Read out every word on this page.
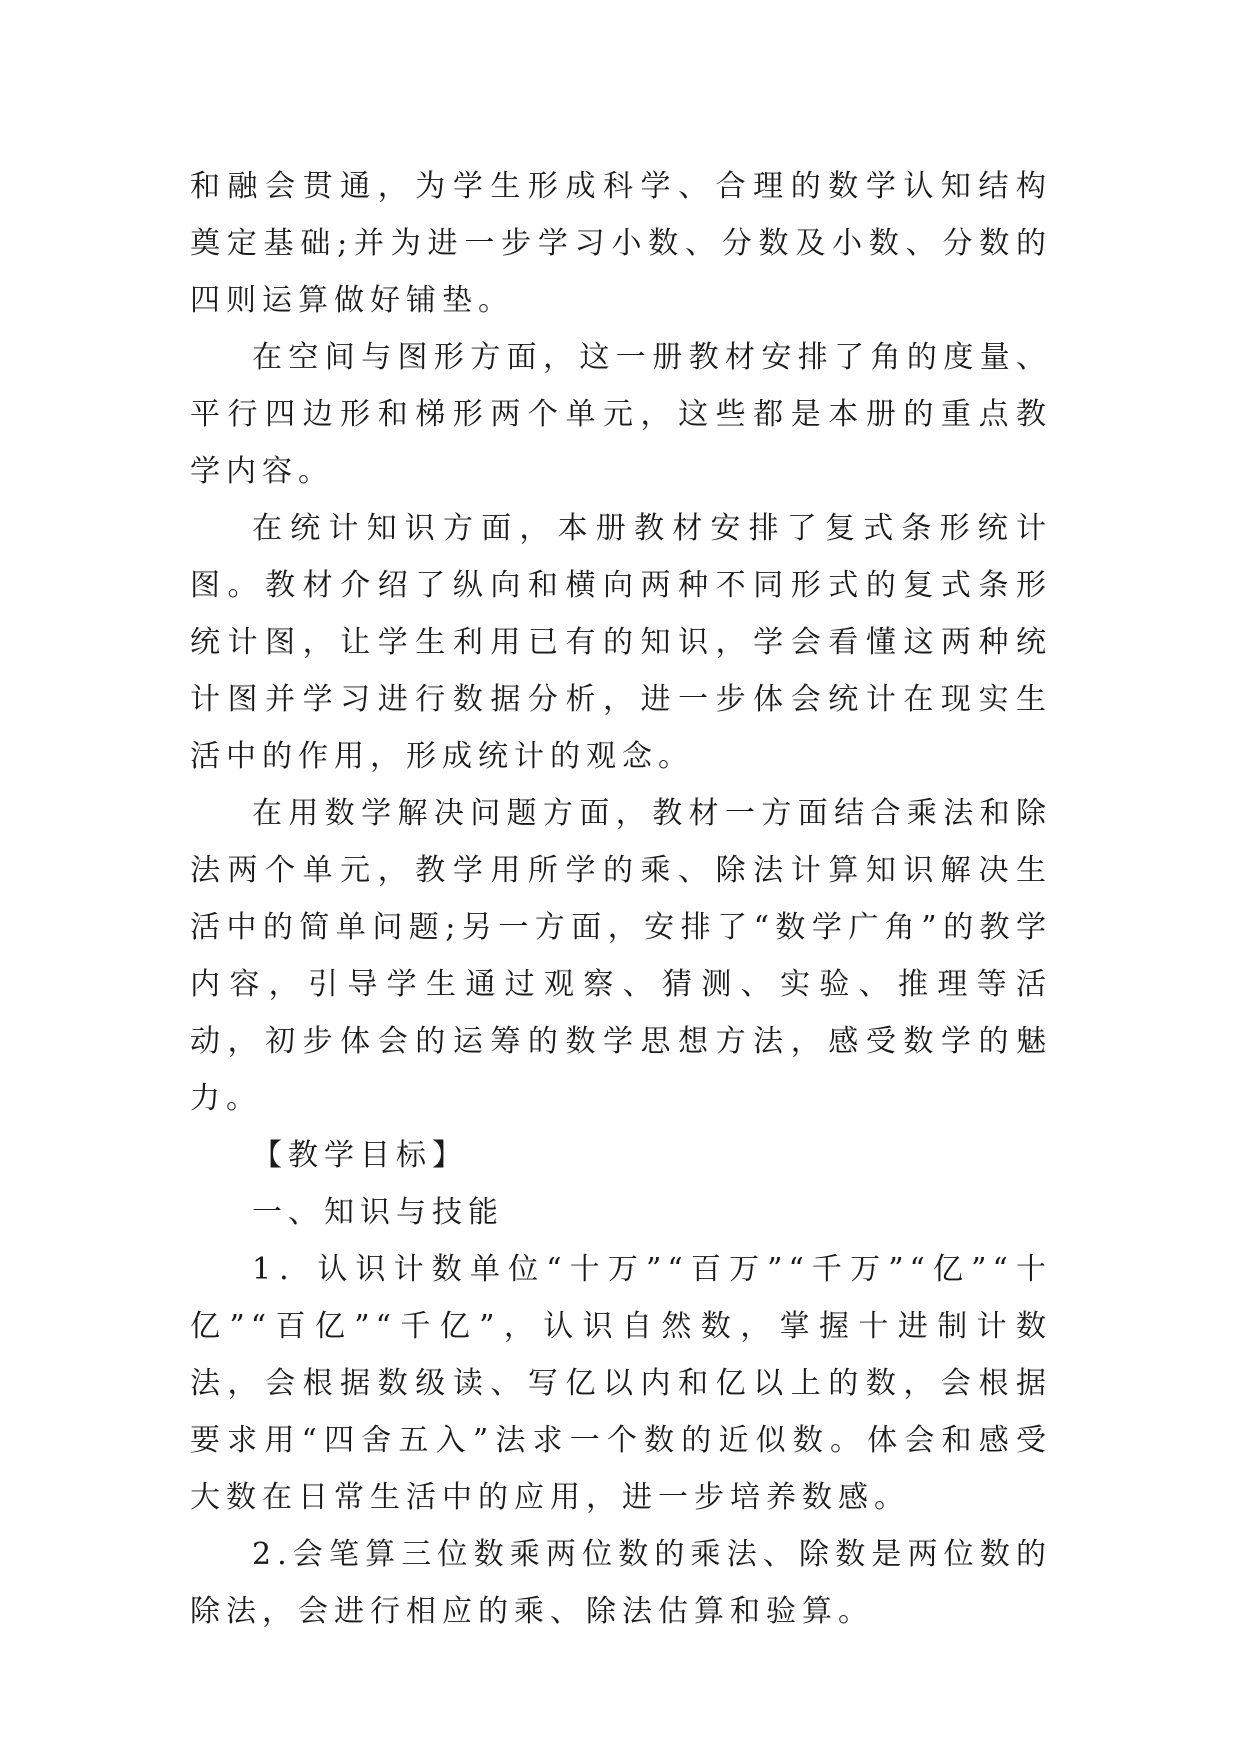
和融会贯通，为学生形成科学、合理的数学认知结构奠定基础;并为进一步学习小数、分数及小数、分数的四则运算做好铺垫。

在空间与图形方面，这一册教材安排了角的度量、平行四边形和梯形两个单元，这些都是本册的重点教学内容。

在统计知识方面，本册教材安排了复式条形统计图。教材介绍了纵向和横向两种不同形式的复式条形统计图，让学生利用已有的知识，学会看懂这两种统计图并学习进行数据分析，进一步体会统计在现实生活中的作用，形成统计的观念。

在用数学解决问题方面，教材一方面结合乘法和除法两个单元，教学用所学的乘、除法计算知识解决生活中的简单问题;另一方面，安排了“数学广角”的教学内容，引导学生通过观察、猜测、实验、推理等活动，初步体会的运筹的数学思想方法，感受数学的魅力。

【教学目标】

一、知识与技能

1．认识计数单位“十万”“百万”“千万”“亿”“十亿”“百亿”“千亿”，认识自然数，掌握十进制计数法，会根据数级读、写亿以内和亿以上的数，会根据要求用“四舍五入”法求一个数的近似数。体会和感受大数在日常生活中的应用，进一步培养数感。

2.会笔算三位数乘两位数的乘法、除数是两位数的除法，会进行相应的乘、除法估算和验算。
